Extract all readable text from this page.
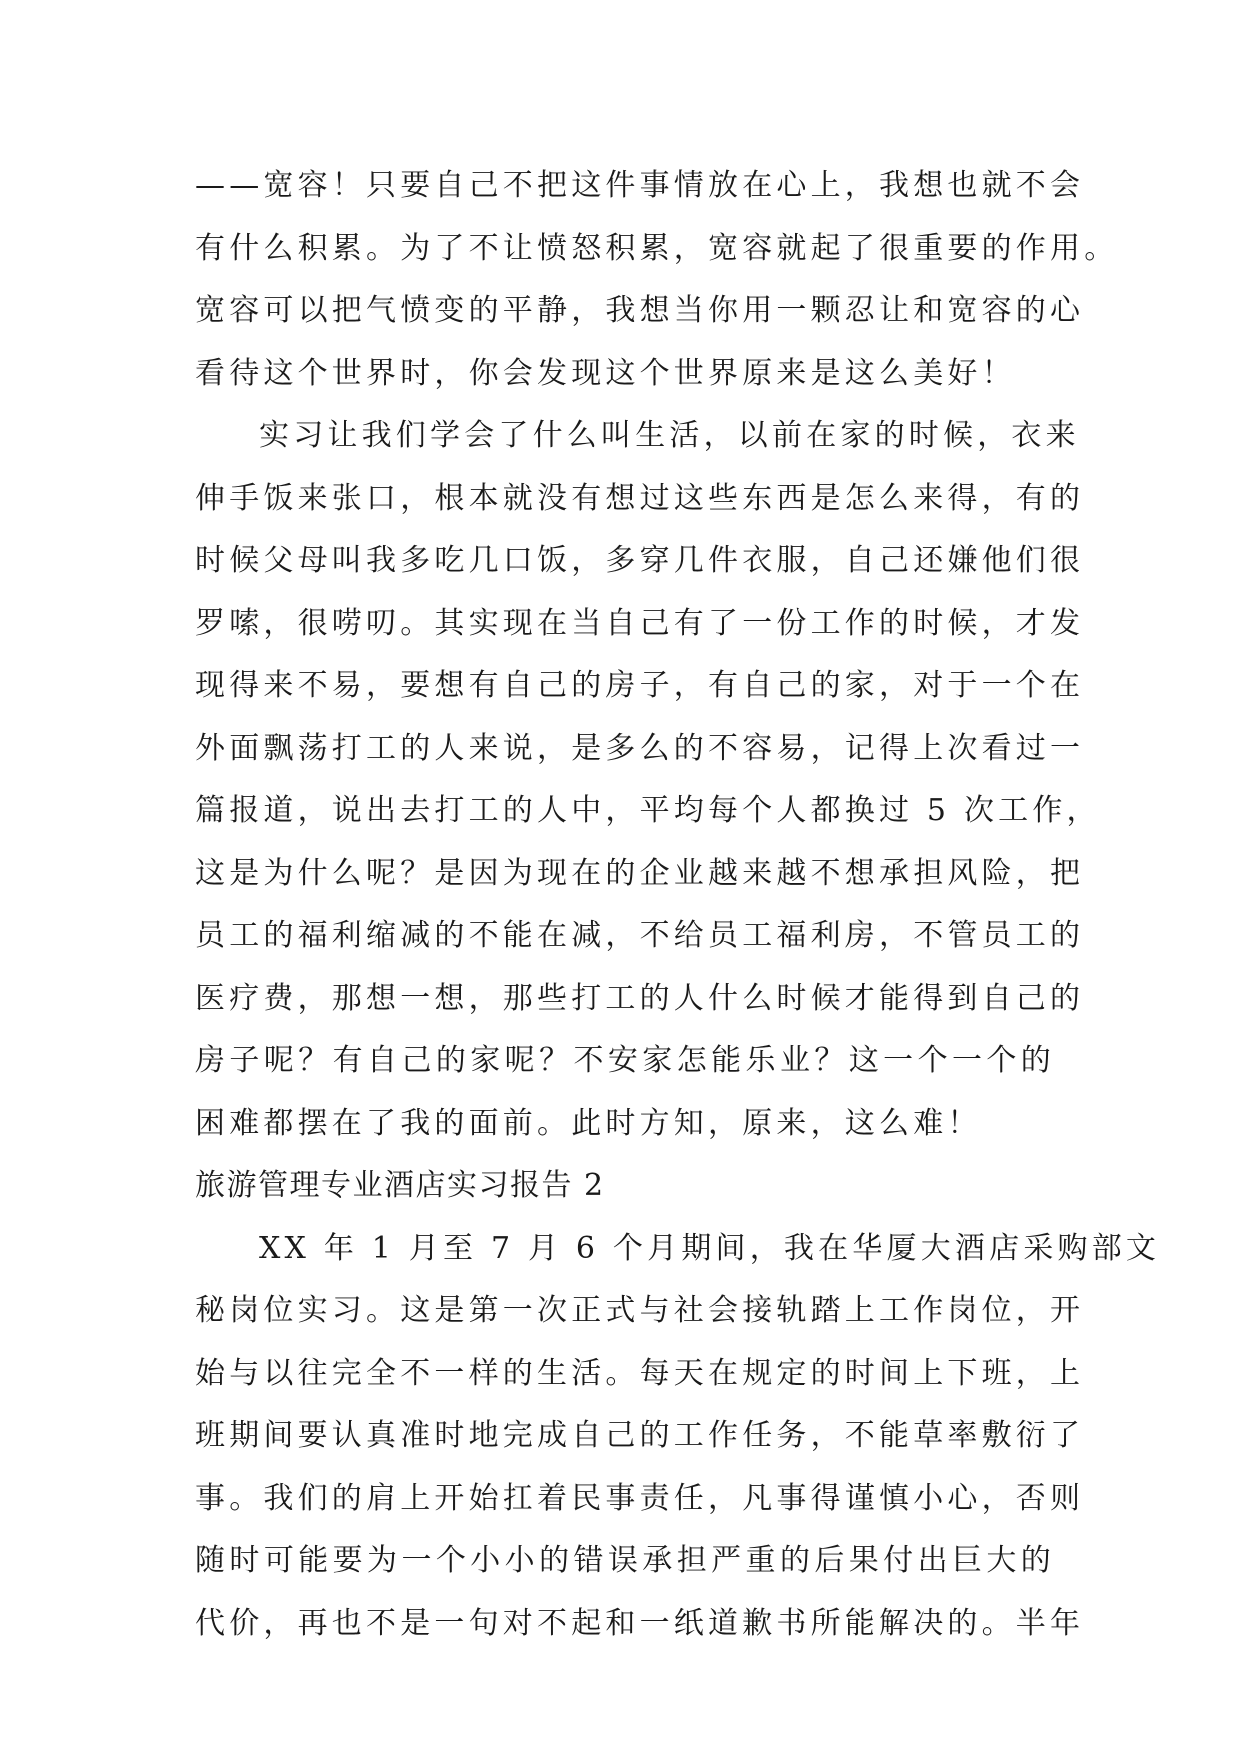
——宽容！只要自己不把这件事情放在心上，我想也就不会
有什么积累。为了不让愤怒积累，宽容就起了很重要的作用。
宽容可以把气愤变的平静，我想当你用一颗忍让和宽容的心
看待这个世界时，你会发现这个世界原来是这么美好！
实习让我们学会了什么叫生活，以前在家的时候，衣来
伸手饭来张口，根本就没有想过这些东西是怎么来得，有的
时候父母叫我多吃几口饭，多穿几件衣服，自己还嫌他们很
罗嗦，很唠叨。其实现在当自己有了一份工作的时候，才发
现得来不易，要想有自己的房子，有自己的家，对于一个在
外面飘荡打工的人来说，是多么的不容易，记得上次看过一
篇报道，说出去打工的人中，平均每个人都换过 5 次工作，
这是为什么呢？是因为现在的企业越来越不想承担风险，把
员工的福利缩减的不能在减，不给员工福利房，不管员工的
医疗费，那想一想，那些打工的人什么时候才能得到自己的
房子呢？有自己的家呢？不安家怎能乐业？这一个一个的
困难都摆在了我的面前。此时方知，原来，这么难！
旅游管理专业酒店实习报告 2
XX 年 1 月至 7 月 6 个月期间，我在华厦大酒店采购部文
秘岗位实习。这是第一次正式与社会接轨踏上工作岗位，开
始与以往完全不一样的生活。每天在规定的时间上下班，上
班期间要认真准时地完成自己的工作任务，不能草率敷衍了
事。我们的肩上开始扛着民事责任，凡事得谨慎小心，否则
随时可能要为一个小小的错误承担严重的后果付出巨大的
代价，再也不是一句对不起和一纸道歉书所能解决的。半年
